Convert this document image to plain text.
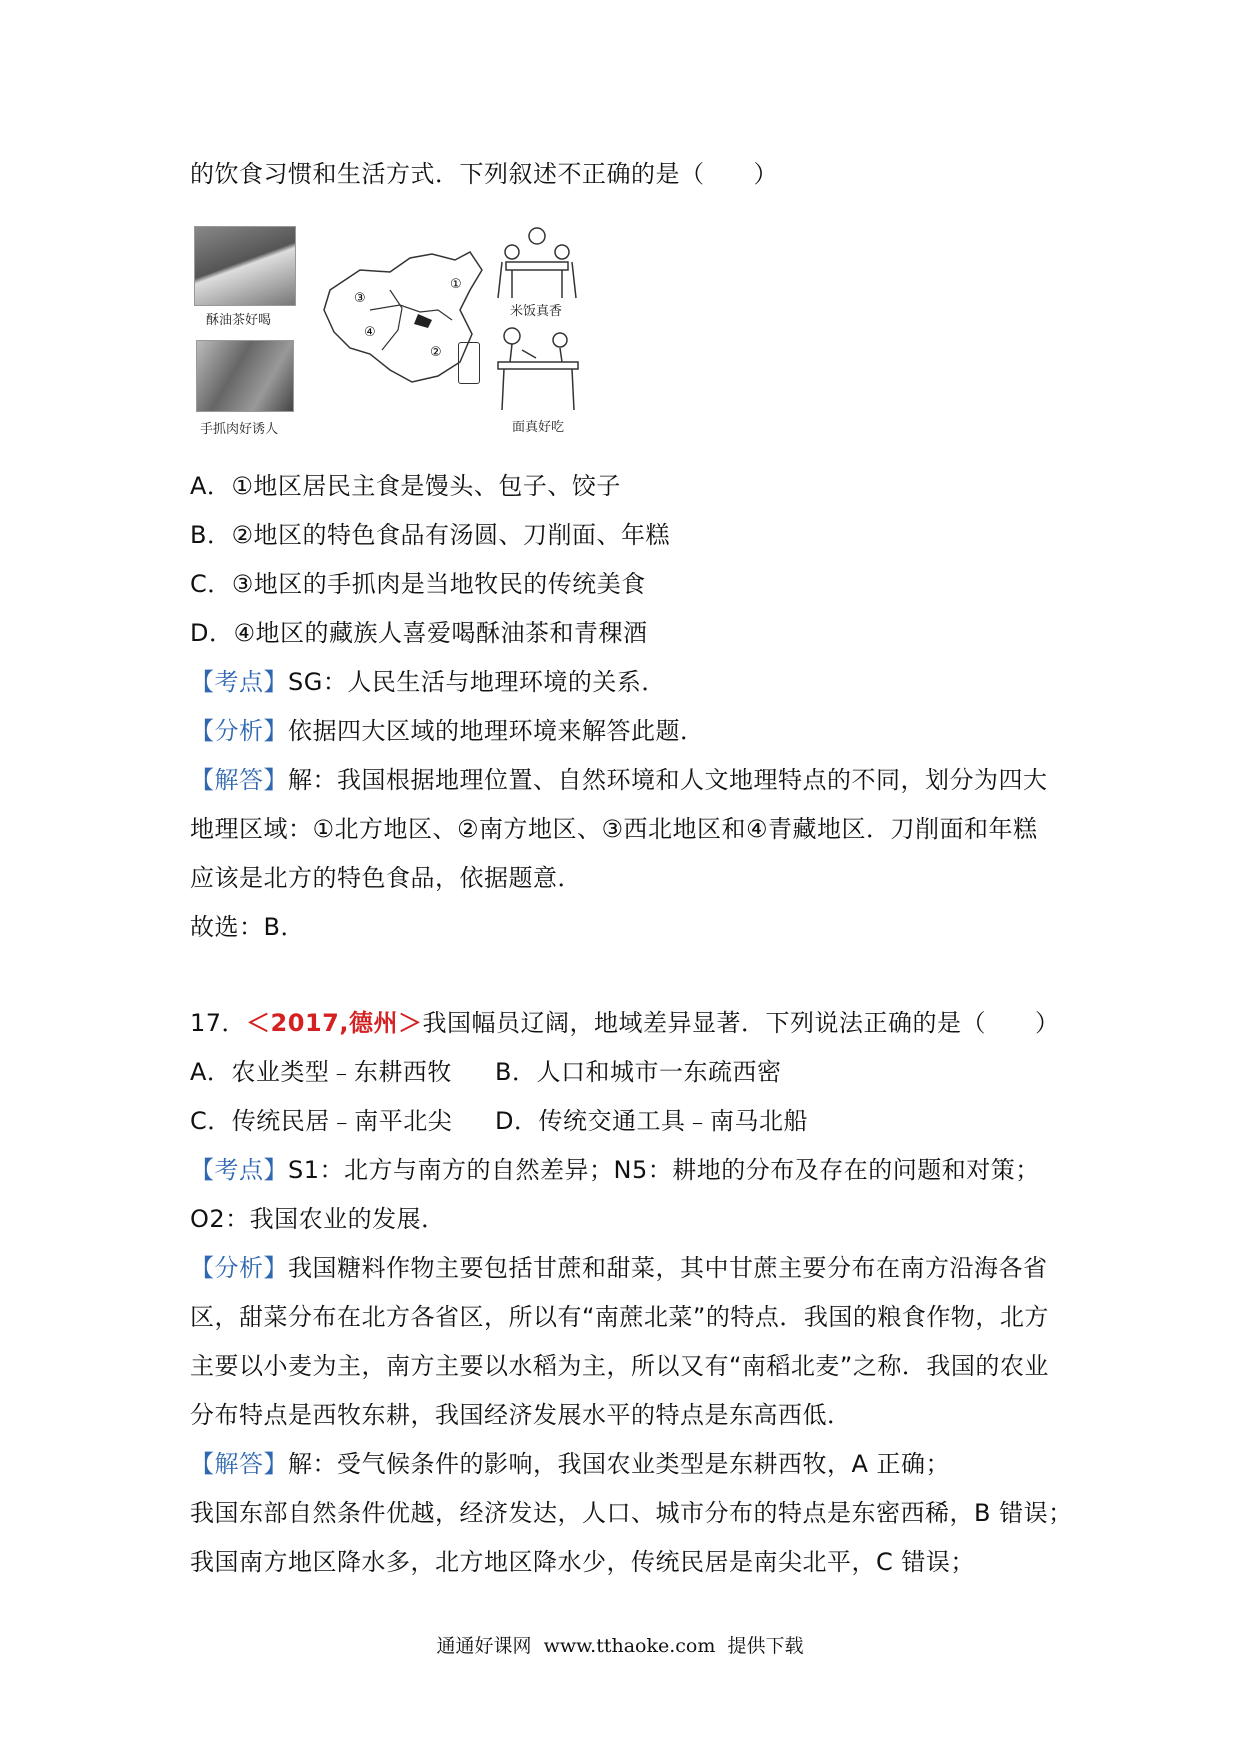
的饮食习惯和生活方式．下列叙述不正确的是（　　）
酥油茶好喝
手抓肉好诱人
①
②
③
④
米饭真香
面真好吃
A．①地区居民主食是馒头、包子、饺子
B．②地区的特色食品有汤圆、刀削面、年糕
C．③地区的手抓肉是当地牧民的传统美食
D．④地区的藏族人喜爱喝酥油茶和青稞酒
【考点】SG：人民生活与地理环境的关系．
【分析】依据四大区域的地理环境来解答此题．
【解答】解：我国根据地理位置、自然环境和人文地理特点的不同，划分为四大
地理区域：①北方地区、②南方地区、③西北地区和④青藏地区．刀削面和年糕
应该是北方的特色食品，依据题意．
故选：B．
17．＜2017,德州＞我国幅员辽阔，地域差异显著．下列说法正确的是（　　）
A．农业类型﹣东耕西牧 B．人口和城市一东疏西密
C．传统民居﹣南平北尖 D．传统交通工具﹣南马北船
【考点】S1：北方与南方的自然差异；N5：耕地的分布及存在的问题和对策；
O2：我国农业的发展．
【分析】我国糖料作物主要包括甘蔗和甜菜，其中甘蔗主要分布在南方沿海各省
区，甜菜分布在北方各省区，所以有“南蔗北菜”的特点．我国的粮食作物，北方
主要以小麦为主，南方主要以水稻为主，所以又有“南稻北麦”之称．我国的农业
分布特点是西牧东耕，我国经济发展水平的特点是东高西低．
【解答】解：受气候条件的影响，我国农业类型是东耕西牧，A 正确；
我国东部自然条件优越，经济发达，人口、城市分布的特点是东密西稀，B 错误；
我国南方地区降水多，北方地区降水少，传统民居是南尖北平，C 错误；
通通好课网  www.tthaoke.com  提供下载
